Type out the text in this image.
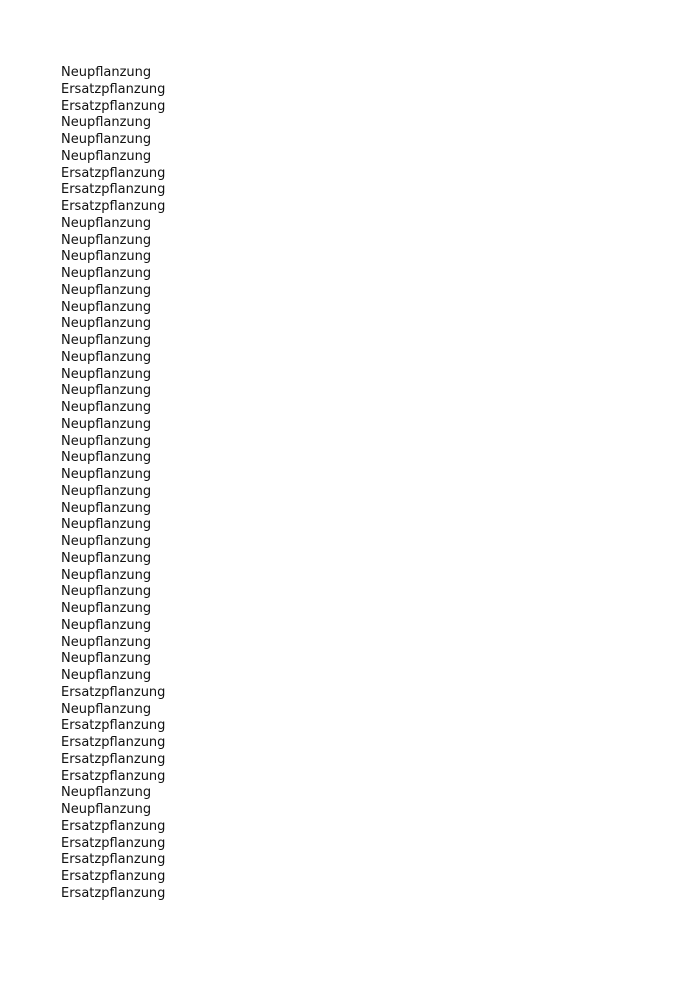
Neupflanzung
Ersatzpflanzung
Ersatzpflanzung
Neupflanzung
Neupflanzung
Neupflanzung
Ersatzpflanzung
Ersatzpflanzung
Ersatzpflanzung
Neupflanzung
Neupflanzung
Neupflanzung
Neupflanzung
Neupflanzung
Neupflanzung
Neupflanzung
Neupflanzung
Neupflanzung
Neupflanzung
Neupflanzung
Neupflanzung
Neupflanzung
Neupflanzung
Neupflanzung
Neupflanzung
Neupflanzung
Neupflanzung
Neupflanzung
Neupflanzung
Neupflanzung
Neupflanzung
Neupflanzung
Neupflanzung
Neupflanzung
Neupflanzung
Neupflanzung
Neupflanzung
Ersatzpflanzung
Neupflanzung
Ersatzpflanzung
Ersatzpflanzung
Ersatzpflanzung
Ersatzpflanzung
Neupflanzung
Neupflanzung
Ersatzpflanzung
Ersatzpflanzung
Ersatzpflanzung
Ersatzpflanzung
Ersatzpflanzung
